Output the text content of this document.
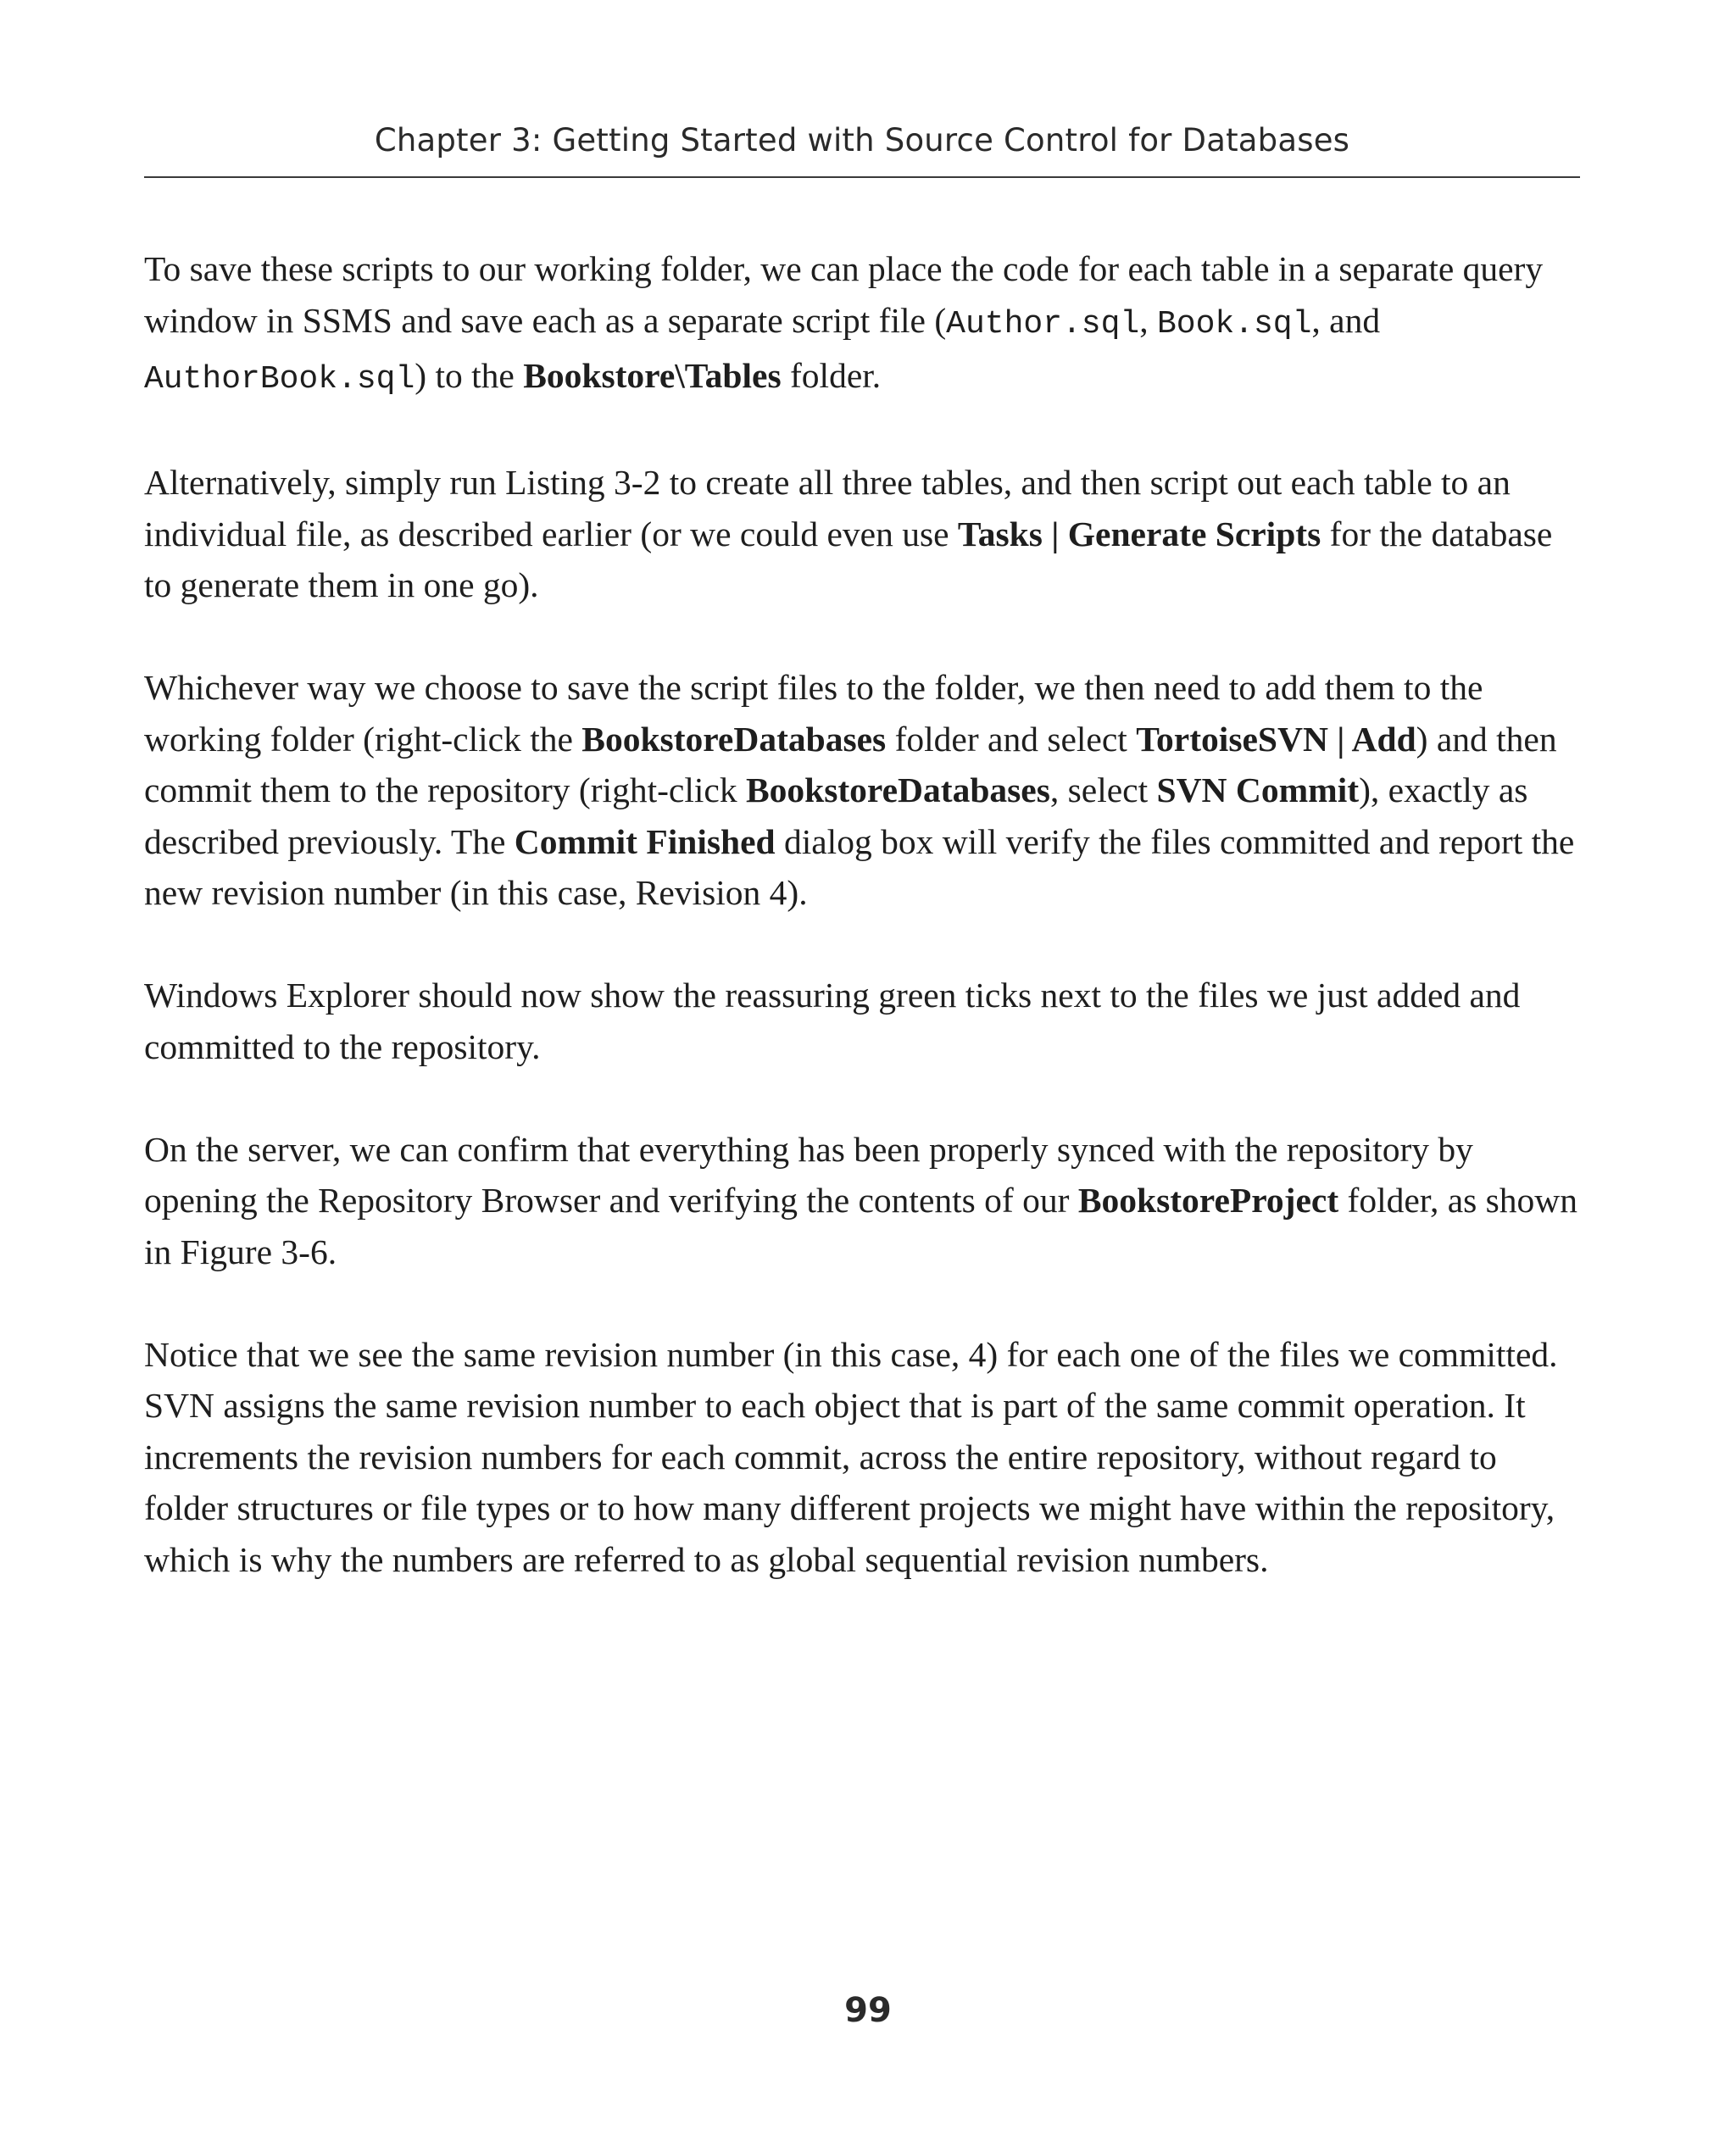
Chapter 3: Getting Started with Source Control for Databases

To save these scripts to our working folder, we can place the code for each table in a separate query window in SSMS and save each as a separate script file (Author.sql, Book.sql, and AuthorBook.sql) to the Bookstore\Tables folder.

Alternatively, simply run Listing 3-2 to create all three tables, and then script out each table to an individual file, as described earlier (or we could even use Tasks | Generate Scripts for the database to generate them in one go).

Whichever way we choose to save the script files to the folder, we then need to add them to the working folder (right-click the BookstoreDatabases folder and select TortoiseSVN | Add) and then commit them to the repository (right-click BookstoreDatabases, select SVN Commit), exactly as described previously. The Commit Finished dialog box will verify the files committed and report the new revision number (in this case, Revision 4).

Windows Explorer should now show the reassuring green ticks next to the files we just added and committed to the repository.

On the server, we can confirm that everything has been properly synced with the repository by opening the Repository Browser and verifying the contents of our BookstoreProject folder, as shown in Figure 3-6.

Notice that we see the same revision number (in this case, 4) for each one of the files we committed. SVN assigns the same revision number to each object that is part of the same commit operation. It increments the revision numbers for each commit, across the entire repository, without regard to folder structures or file types or to how many different projects we might have within the repository, which is why the numbers are referred to as global sequential revision numbers.

99
